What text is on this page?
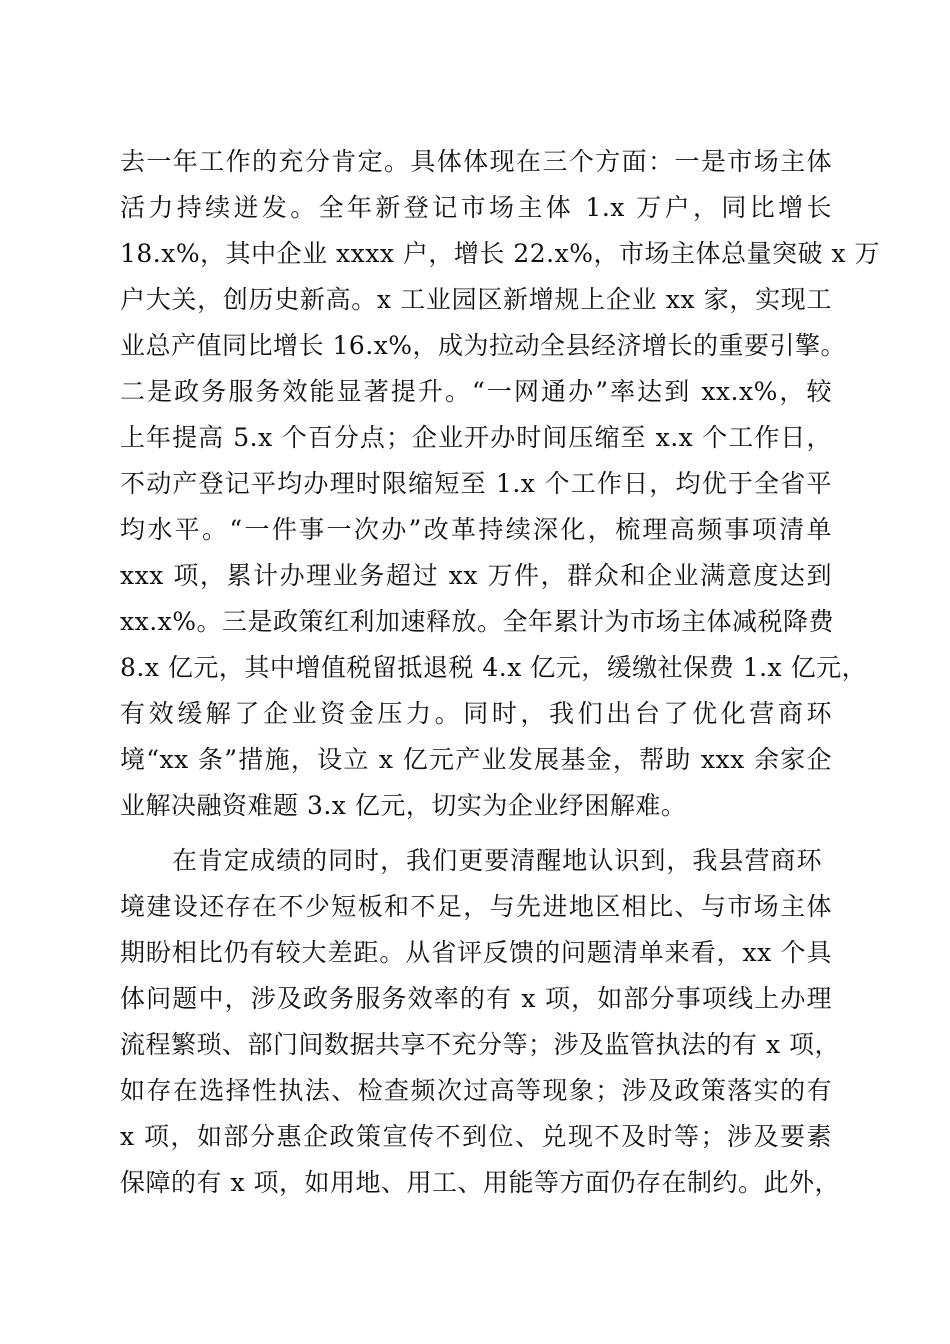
去一年工作的充分肯定。具体体现在三个方面：一是市场主体
活力持续迸发。全年新登记市场主体 1.x 万户，同比增长
18.x%，其中企业 xxxx 户，增长 22.x%，市场主体总量突破 x 万
户大关，创历史新高。x 工业园区新增规上企业 xx 家，实现工
业总产值同比增长 16.x%，成为拉动全县经济增长的重要引擎。
二是政务服务效能显著提升。“一网通办”率达到 xx.x%，较
上年提高 5.x 个百分点；企业开办时间压缩至 x.x 个工作日，
不动产登记平均办理时限缩短至 1.x 个工作日，均优于全省平
均水平。“一件事一次办”改革持续深化，梳理高频事项清单
xxx 项，累计办理业务超过 xx 万件，群众和企业满意度达到
xx.x%。三是政策红利加速释放。全年累计为市场主体减税降费
8.x 亿元，其中增值税留抵退税 4.x 亿元，缓缴社保费 1.x 亿元，
有效缓解了企业资金压力。同时，我们出台了优化营商环
境“xx 条”措施，设立 x 亿元产业发展基金，帮助 xxx 余家企
业解决融资难题 3.x 亿元，切实为企业纾困解难。
在肯定成绩的同时，我们更要清醒地认识到，我县营商环
境建设还存在不少短板和不足，与先进地区相比、与市场主体
期盼相比仍有较大差距。从省评反馈的问题清单来看，xx 个具
体问题中，涉及政务服务效率的有 x 项，如部分事项线上办理
流程繁琐、部门间数据共享不充分等；涉及监管执法的有 x 项，
如存在选择性执法、检查频次过高等现象；涉及政策落实的有
x 项，如部分惠企政策宣传不到位、兑现不及时等；涉及要素
保障的有 x 项，如用地、用工、用能等方面仍存在制约。此外，
